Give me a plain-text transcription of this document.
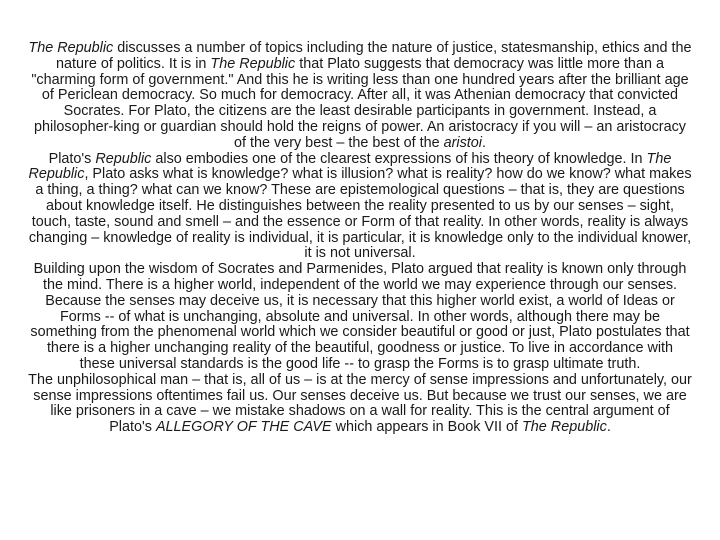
The Republic discusses a number of topics including the nature of justice, statesmanship, ethics and the nature of politics. It is in The Republic that Plato suggests that democracy was little more than a "charming form of government." And this he is writing less than one hundred years after the brilliant age of Periclean democracy. So much for democracy. After all, it was Athenian democracy that convicted Socrates. For Plato, the citizens are the least desirable participants in government. Instead, a philosopher-king or guardian should hold the reigns of power. An aristocracy if you will – an aristocracy of the very best – the best of the aristoi.

Plato's Republic also embodies one of the clearest expressions of his theory of knowledge. In The Republic, Plato asks what is knowledge? what is illusion? what is reality? how do we know? what makes a thing, a thing? what can we know? These are epistemological questions – that is, they are questions about knowledge itself. He distinguishes between the reality presented to us by our senses – sight, touch, taste, sound and smell – and the essence or Form of that reality. In other words, reality is always changing – knowledge of reality is individual, it is particular, it is knowledge only to the individual knower, it is not universal.

Building upon the wisdom of Socrates and Parmenides, Plato argued that reality is known only through the mind. There is a higher world, independent of the world we may experience through our senses. Because the senses may deceive us, it is necessary that this higher world exist, a world of Ideas or Forms -- of what is unchanging, absolute and universal. In other words, although there may be something from the phenomenal world which we consider beautiful or good or just, Plato postulates that there is a higher unchanging reality of the beautiful, goodness or justice. To live in accordance with these universal standards is the good life -- to grasp the Forms is to grasp ultimate truth.

The unphilosophical man – that is, all of us – is at the mercy of sense impressions and unfortunately, our sense impressions oftentimes fail us. Our senses deceive us. But because we trust our senses, we are like prisoners in a cave – we mistake shadows on a wall for reality. This is the central argument of Plato's ALLEGORY OF THE CAVE which appears in Book VII of The Republic.
